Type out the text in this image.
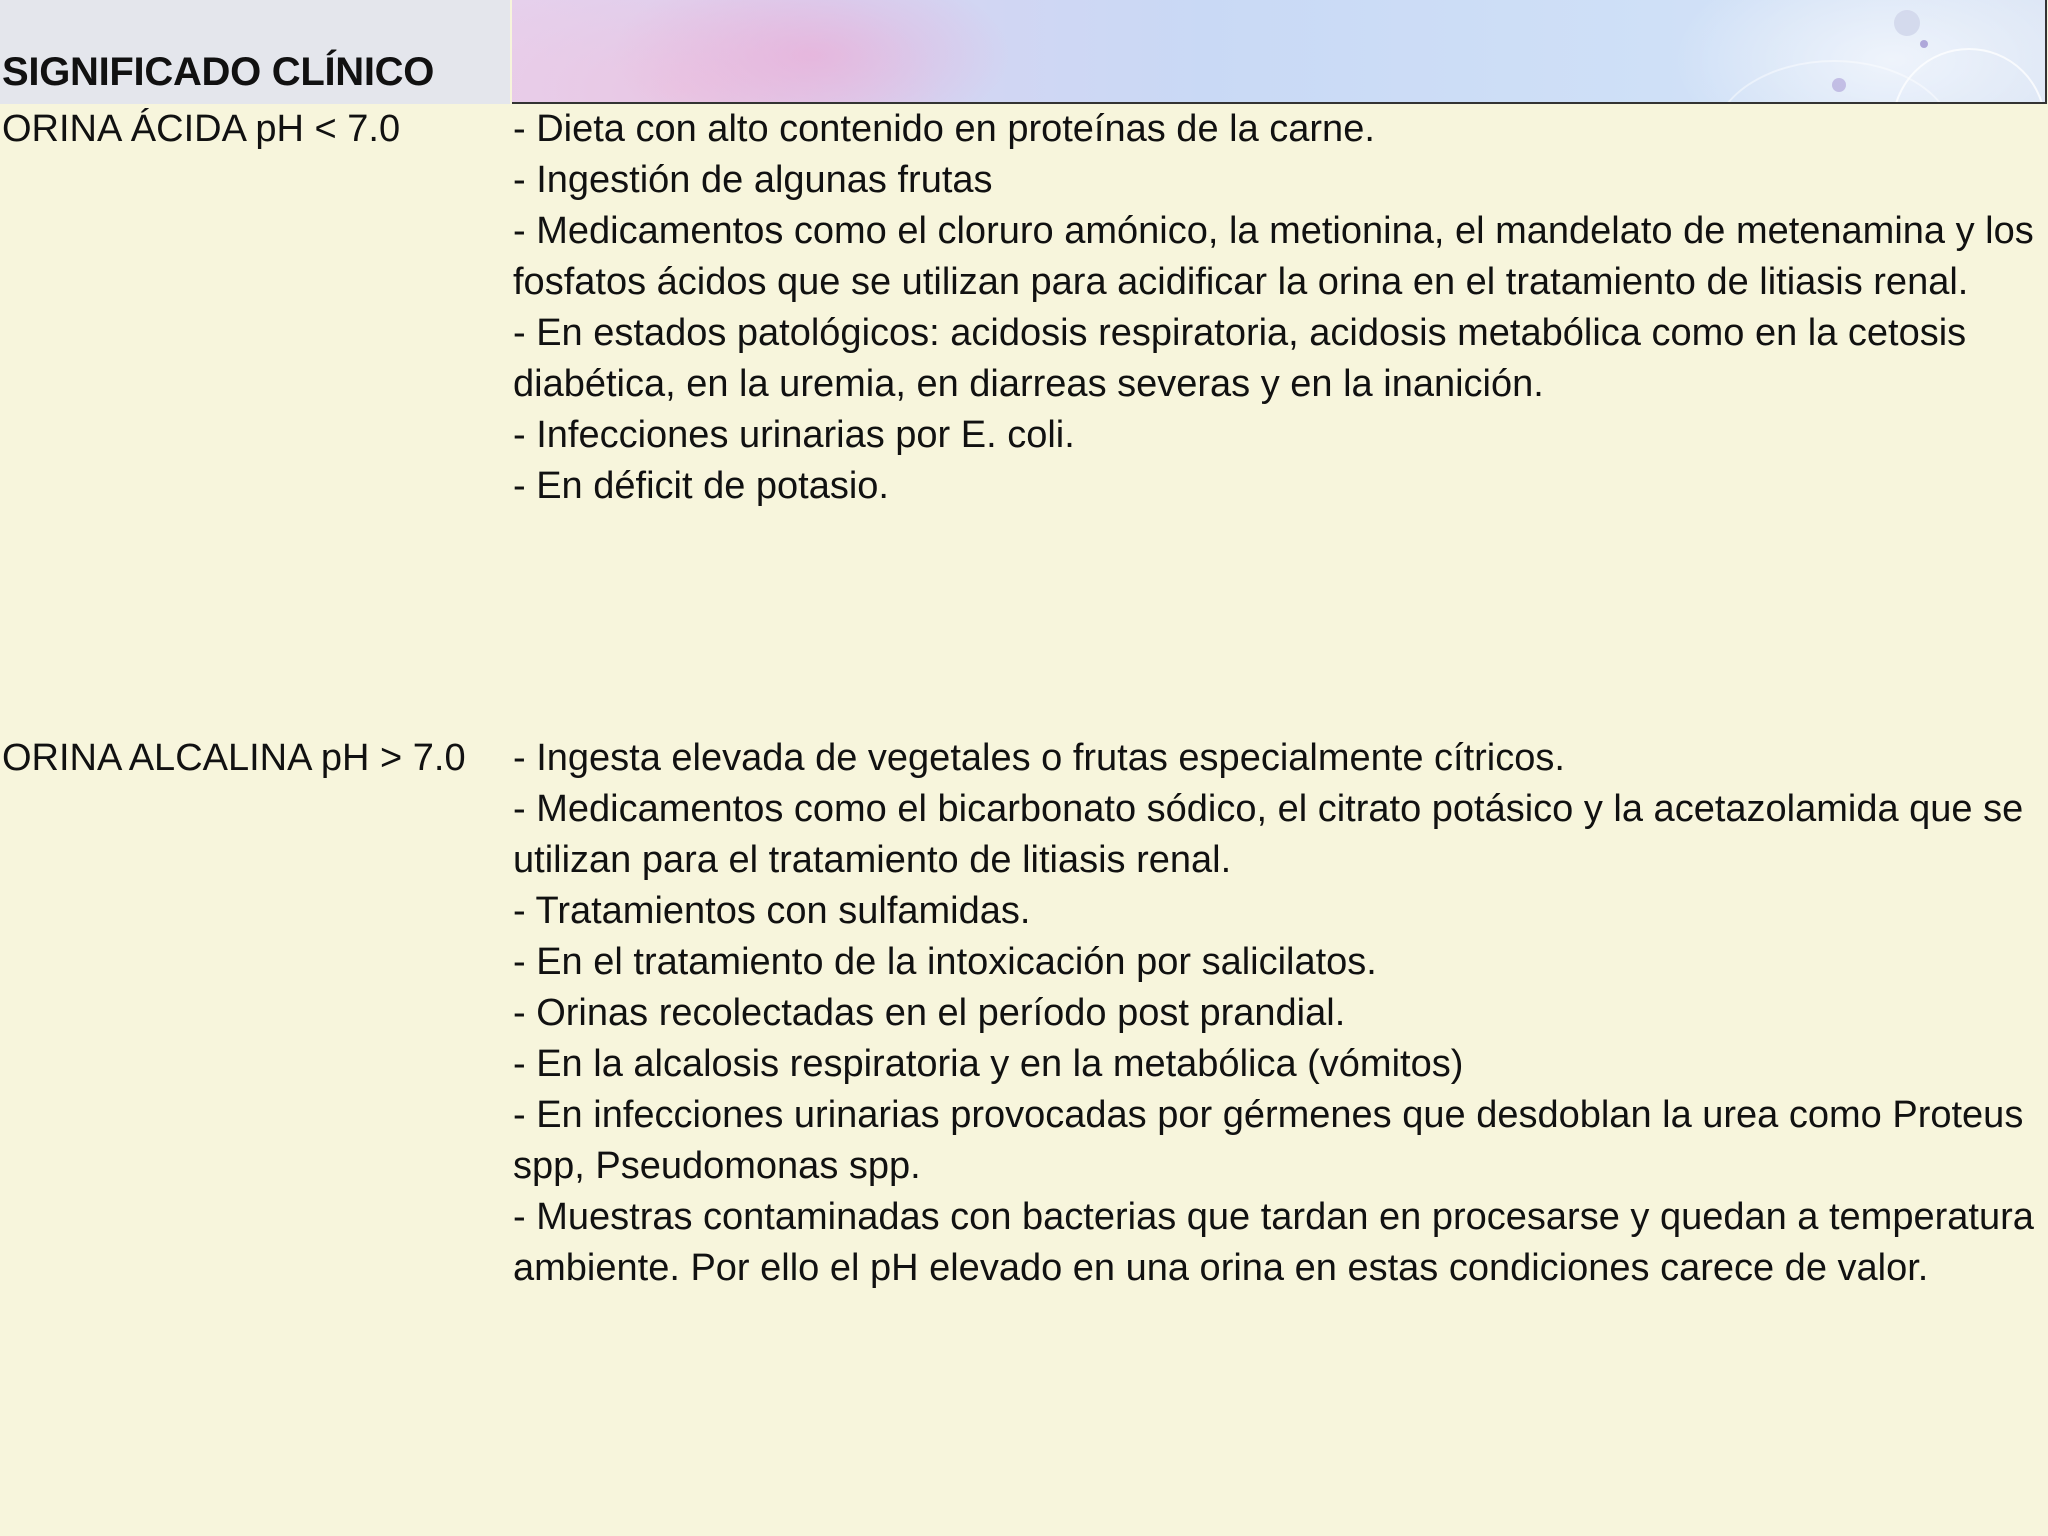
SIGNIFICADO CLÍNICO

ORINA ÁCIDA pH < 7.0	- Dieta con alto contenido en proteínas de la carne.
- Ingestión de algunas frutas
- Medicamentos como el cloruro amónico, la metionina, el mandelato de metenamina y los fosfatos ácidos que se utilizan para acidificar la orina en el tratamiento de litiasis renal.
- En estados patológicos: acidosis respiratoria, acidosis metabólica como en la cetosis diabética, en la uremia, en diarreas severas y en la inanición.
- Infecciones urinarias por E. coli.
- En déficit de potasio.

ORINA ALCALINA pH > 7.0 - Ingesta elevada de vegetales o frutas especialmente cítricos.
- Medicamentos como el bicarbonato sódico, el citrato potásico y la acetazolamida que se utilizan para el tratamiento de litiasis renal.
- Tratamientos con sulfamidas.
- En el tratamiento de la intoxicación por salicilatos.
- Orinas recolectadas en el período post prandial.
- En la alcalosis respiratoria y en la metabólica (vómitos)
- En infecciones urinarias provocadas por gérmenes que desdoblan la urea como Proteus spp, Pseudomonas spp.
- Muestras contaminadas con bacterias que tardan en procesarse y quedan a temperatura ambiente. Por ello el pH elevado en una orina en estas condiciones carece de valor.
